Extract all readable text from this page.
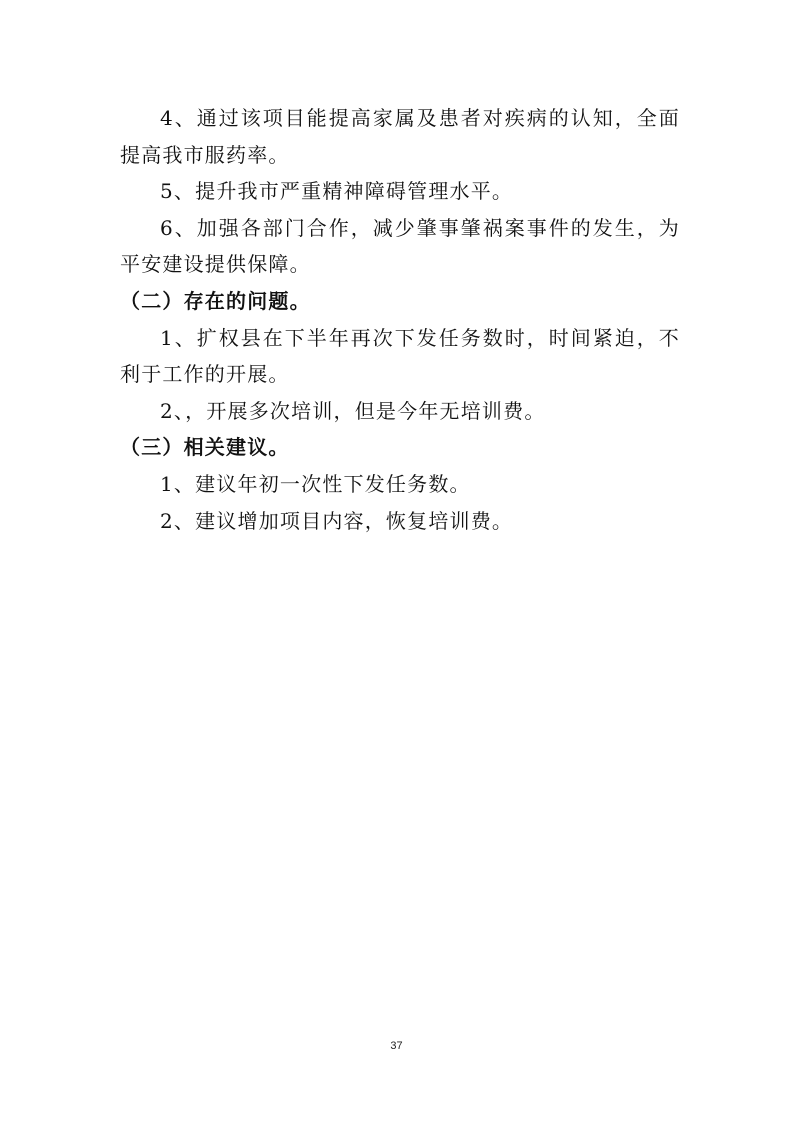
4、通过该项目能提高家属及患者对疾病的认知，全面提高我市服药率。

5、提升我市严重精神障碍管理水平。

6、加强各部门合作，减少肇事肇祸案事件的发生，为平安建设提供保障。

（二）存在的问题。

1、扩权县在下半年再次下发任务数时，时间紧迫，不利于工作的开展。

2、，开展多次培训，但是今年无培训费。

（三）相关建议。

1、建议年初一次性下发任务数。

2、建议增加项目内容，恢复培训费。

37
